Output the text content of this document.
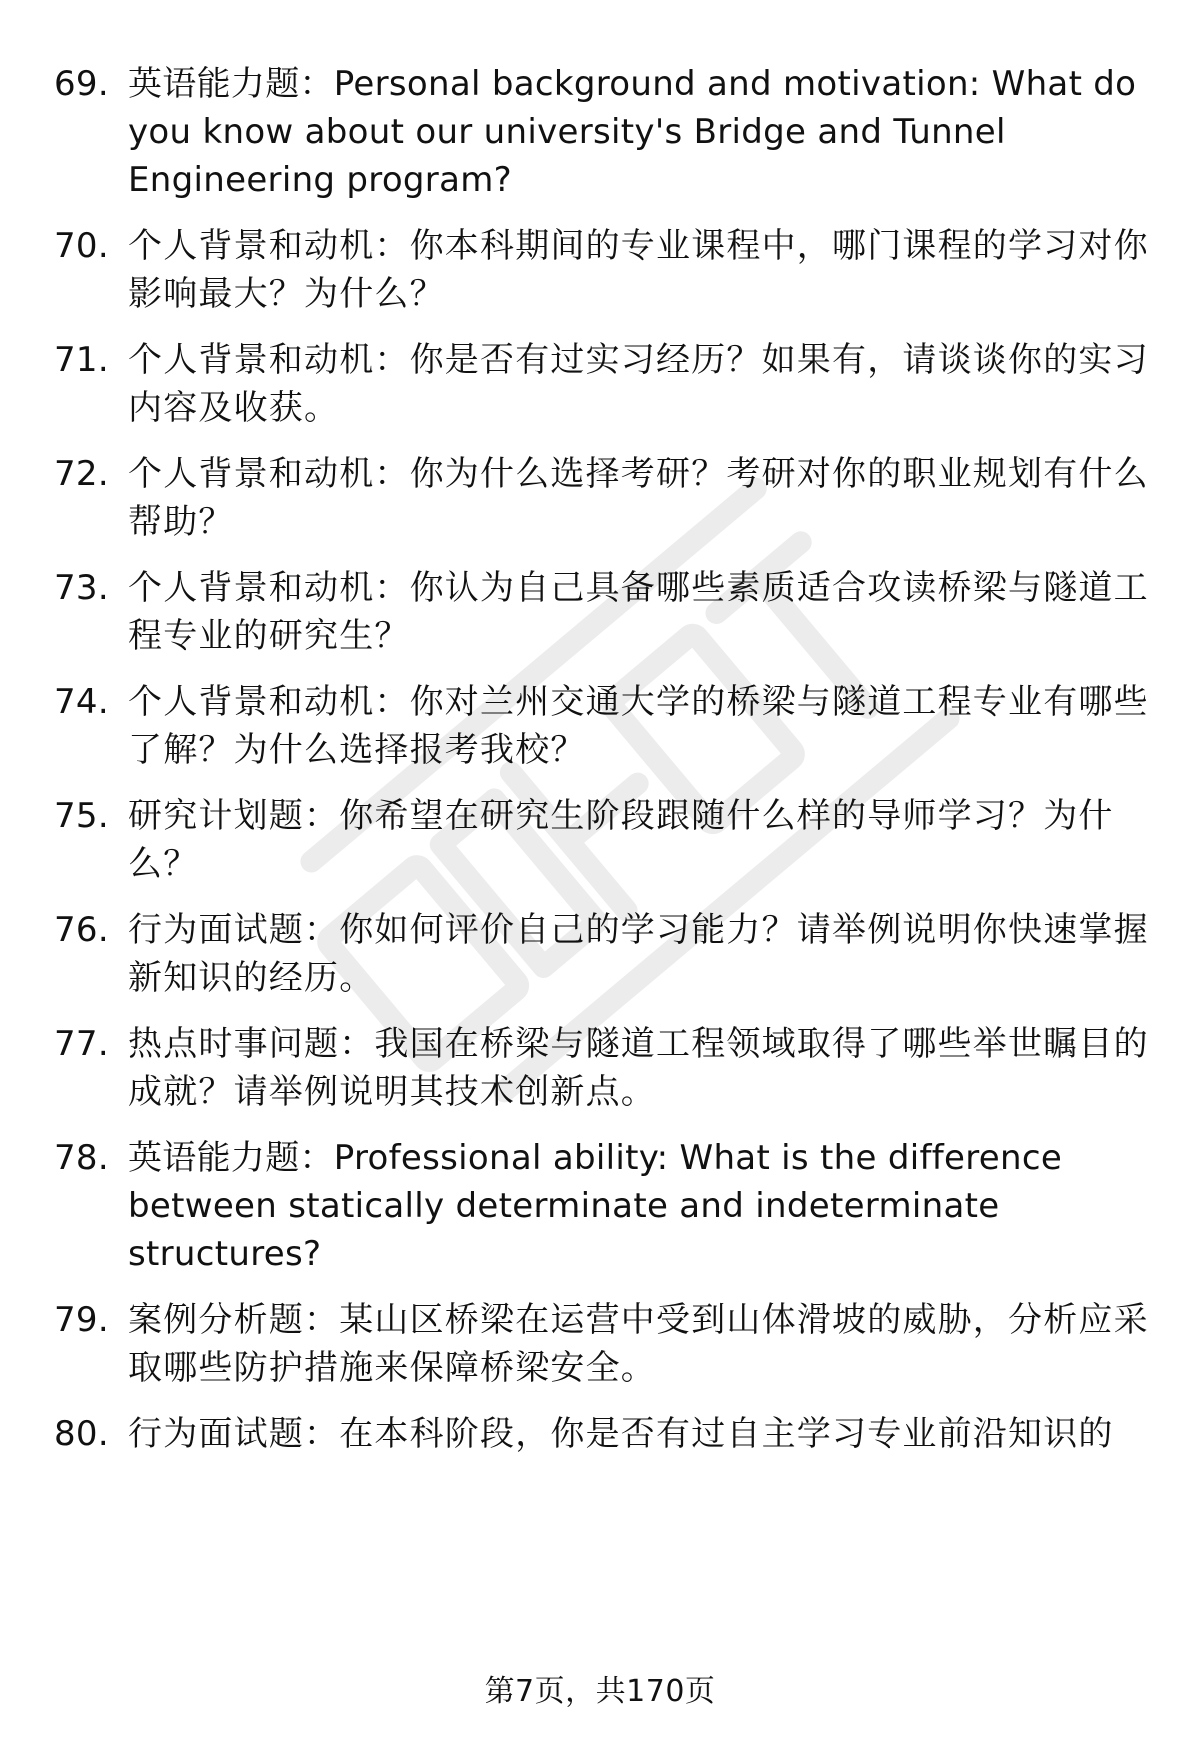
69. 英语能力题：Personal background and motivation: What do you know about our university's Bridge and Tunnel Engineering program?
70. 个人背景和动机：你本科期间的专业课程中，哪门课程的学习对你影响最大？为什么？
71. 个人背景和动机：你是否有过实习经历？如果有，请谈谈你的实习内容及收获。
72. 个人背景和动机：你为什么选择考研？考研对你的职业规划有什么帮助？
73. 个人背景和动机：你认为自己具备哪些素质适合攻读桥梁与隧道工程专业的研究生？
74. 个人背景和动机：你对兰州交通大学的桥梁与隧道工程专业有哪些了解？为什么选择报考我校？
75. 研究计划题：你希望在研究生阶段跟随什么样的导师学习？为什么？
76. 行为面试题：你如何评价自己的学习能力？请举例说明你快速掌握新知识的经历。
77. 热点时事问题：我国在桥梁与隧道工程领域取得了哪些举世瞩目的成就？请举例说明其技术创新点。
78. 英语能力题：Professional ability: What is the difference between statically determinate and indeterminate structures?
79. 案例分析题：某山区桥梁在运营中受到山体滑坡的威胁，分析应采取哪些防护措施来保障桥梁安全。
80. 行为面试题：在本科阶段，你是否有过自主学习专业前沿知识的
第7页，共170页
